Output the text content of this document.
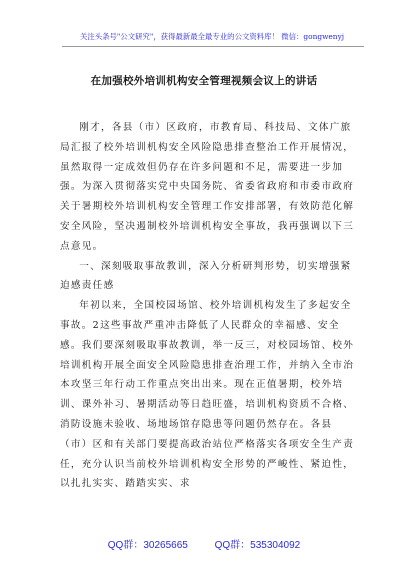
关注头条号"公文研究"，获得最新最全最专业的公文资料库！ 微信：gongwenyj
在加强校外培训机构安全管理视频会议上的讲话

刚才，各县（市）区政府，市教育局、科技局、文体广旅局汇报了校外培训机构安全风险隐患排查整治工作开展情况，虽然取得一定成效但仍存在许多问题和不足，需要进一步加强。为深入贯彻落实党中央国务院、省委省政府和市委市政府关于暑期校外培训机构安全管理工作安排部署，有效防范化解安全风险，坚决遏制校外培训机构安全事故，我再强调以下三点意见。

一、深刻吸取事故教训，深入分析研判形势，切实增强紧迫感责任感

年初以来，全国校园场馆、校外培训机构发生了多起安全事故。2这些事故严重冲击降低了人民群众的幸福感、安全感。我们要深刻吸取事故教训，举一反三，对校园场馆、校外培训机构开展全面安全风险隐患排查治理工作，并纳入全市治本攻坚三年行动工作重点突出出来。现在正值暑期，校外培训、课外补习、暑期活动等日趋旺盛，培训机构资质不合格、消防设施未验收、场地场馆存隐患等问题仍然存在。各县（市）区和有关部门要提高政治站位严格落实各项安全生产责任，充分认识当前校外培训机构安全形势的严峻性、紧迫性，以扎扎实实、踏踏实实、求

QQ群：30265665	QQ群：535304092
